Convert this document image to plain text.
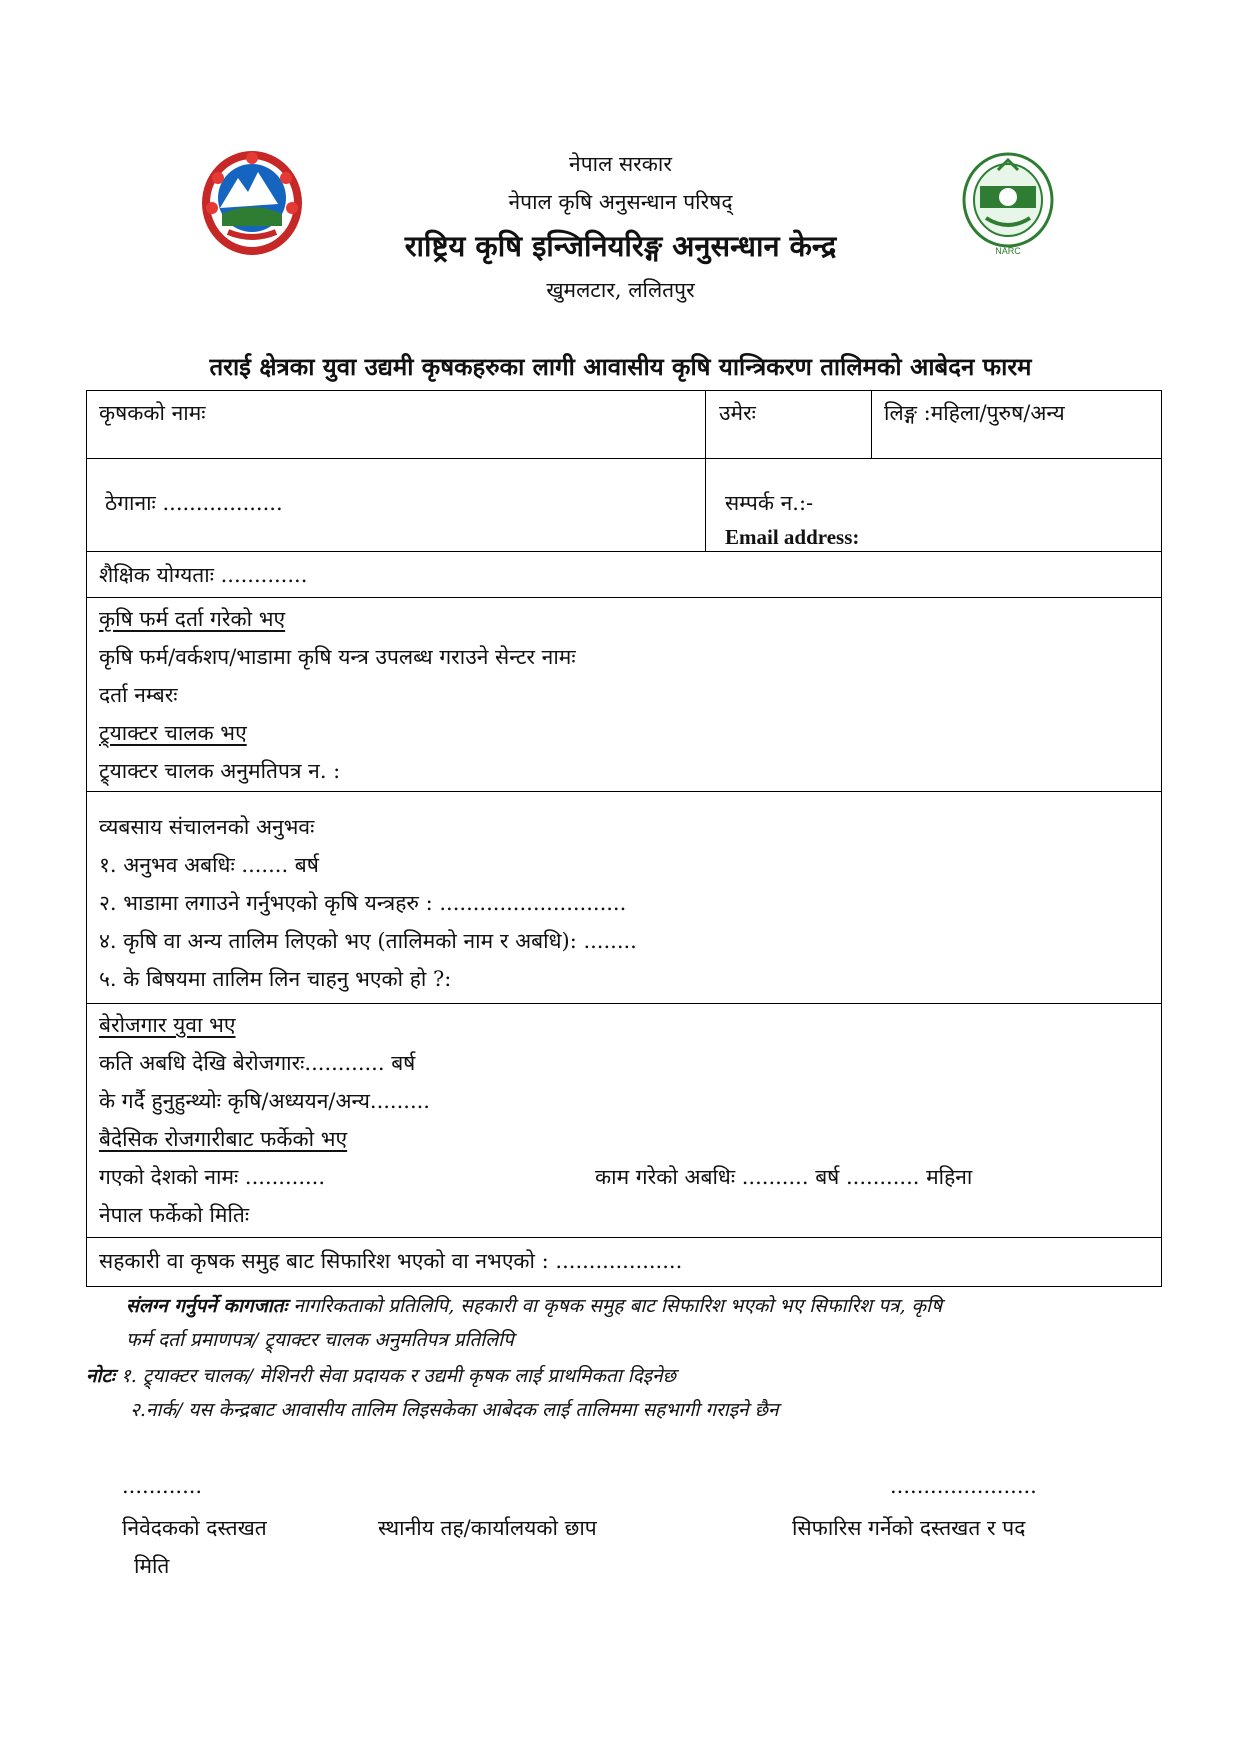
NARC
नेपाल सरकार
नेपाल कृषि अनुसन्धान परिषद्
राष्ट्रिय कृषि इन्जिनियरिङ्ग अनुसन्धान केन्द्र
खुमलटार, ललितपुर
तराई क्षेत्रका युवा उद्यमी कृषकहरुका लागी आवासीय कृषि यान्त्रिकरण तालिमको आबेदन फारम
कृषकको नामः	उमेरः	लिङ्ग :महिला/पुरुष/अन्य
ठेगानाः ..................	सम्पर्क न.:-
Email address:
शैक्षिक योग्यताः .............
कृषि फर्म दर्ता गरेको भए
कृषि फर्म/वर्कशप/भाडामा कृषि यन्त्र उपलब्ध गराउने सेन्टर नामः
दर्ता नम्बरः
ट्र्याक्टर चालक भए
ट्र्याक्टर चालक अनुमतिपत्र न. :
व्यबसाय संचालनको अनुभवः
१. अनुभव अबधिः ....... बर्ष
२. भाडामा लगाउने गर्नुभएको कृषि यन्त्रहरु : ............................
४. कृषि वा अन्य तालिम लिएको भए (तालिमको नाम र अबधि): ........
५. के बिषयमा तालिम लिन चाहनु भएको हो ?:
बेरोजगार युवा भए
कति अबधि देखि बेरोजगारः............ बर्ष
के गर्दै हुनुहुन्थ्योः कृषि/अध्ययन/अन्य.........
बैदेसिक रोजगारीबाट फर्केको भए
गएको देशको नामः ............	काम गरेको अबधिः .......... बर्ष ........... महिना
नेपाल फर्केको मितिः
सहकारी वा कृषक समुह बाट सिफारिश भएको वा नभएको : ...................
संलग्न गर्नुपर्ने कागजातः नागरिकताको प्रतिलिपि, सहकारी वा कृषक समुह बाट सिफारिश भएको भए सिफारिश पत्र, कृषि
फर्म दर्ता प्रमाणपत्र/ ट्र्याक्टर चालक अनुमतिपत्र प्रतिलिपि
नोटः १. ट्र्याक्टर चालक/ मेशिनरी सेवा प्रदायक र उद्यमी कृषक लाई प्राथमिकता दिइनेछ
२.नार्क/ यस केन्द्रबाट आवासीय तालिम लिइसकेका आबेदक लाई तालिममा सहभागी गराइने छैन
............	......................
निवेदकको दस्तखत	स्थानीय तह/कार्यालयको छाप	सिफारिस गर्नेको दस्तखत र पद
मिति
